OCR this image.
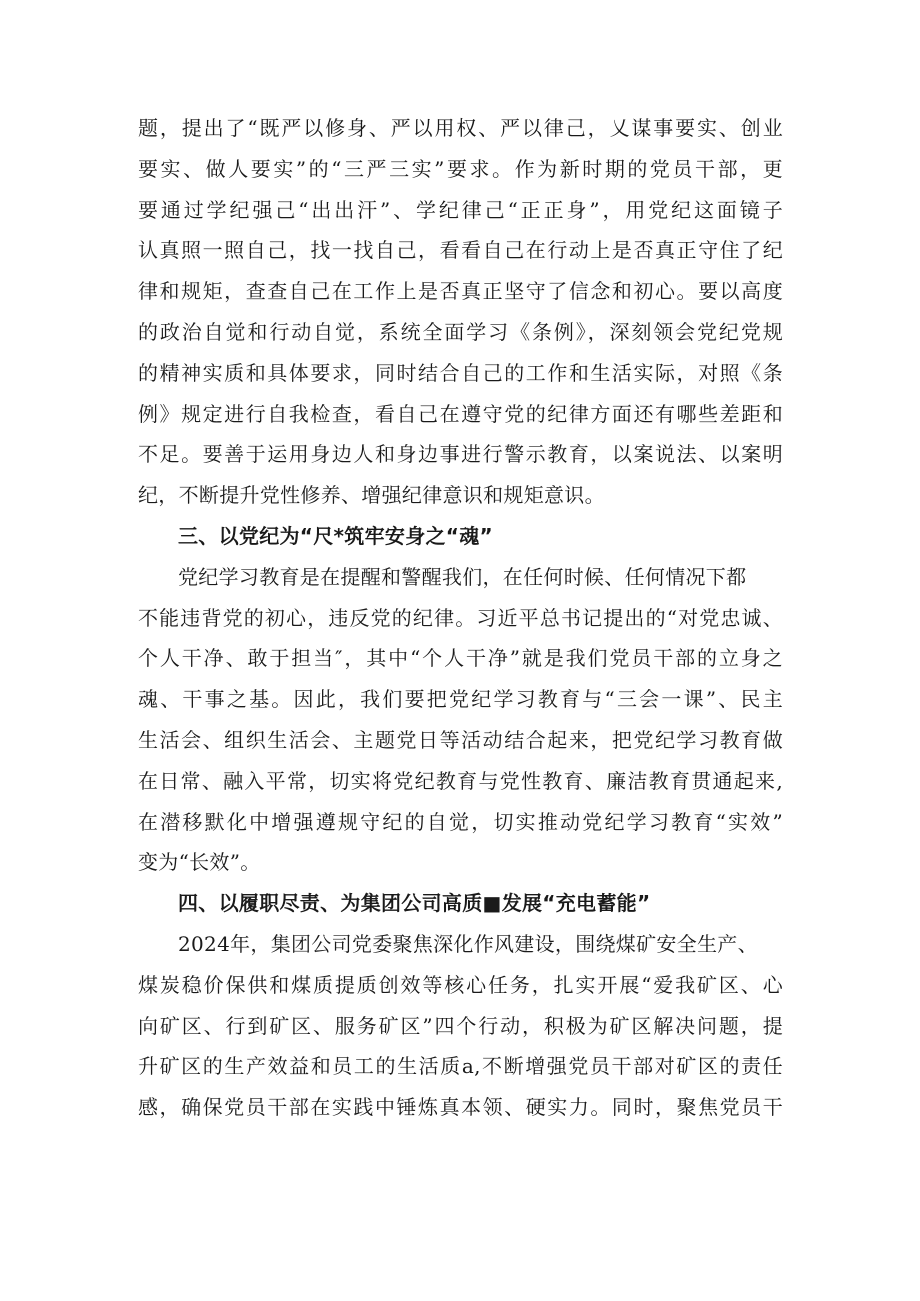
题，提出了“既严以修身、严以用权、严以律己，乂谋事要实、创业
要实、做人要实”的“三严三实”要求。作为新时期的党员干部，更
要通过学纪强己“出出汗”、学纪律己“正正身”，用党纪这面镜子
认真照一照自己，找一找自己，看看自己在行动上是否真正守住了纪
律和规矩，查查自己在工作上是否真正坚守了信念和初心。要以高度
的政治自觉和行动自觉，系统全面学习《条例》，深刻领会党纪党规
的精神实质和具体要求，同时结合自己的工作和生活实际，对照《条
例》规定进行自我检查，看自己在遵守党的纪律方面还有哪些差距和
不足。要善于运用身边人和身边事进行警示教育，以案说法、以案明
纪，不断提升党性修养、增强纪律意识和规矩意识。
三、以党纪为“尺*筑牢安身之“魂”
党纪学习教育是在提醒和警醒我们，在任何时候、任何情况下都
不能违背党的初心，违反党的纪律。习近平总书记提出的“对党忠诚、
个人干净、敢于担当″，其中“个人干净”就是我们党员干部的立身之
魂、干事之基。因此，我们要把党纪学习教育与“三会一课”、民主
生活会、组织生活会、主题党日等活动结合起来，把党纪学习教育做
在日常、融入平常，切实将党纪教育与党性教育、廉洁教育贯通起来,
在潜移默化中增强遵规守纪的自觉，切实推动党纪学习教育“实效”
变为“长效”。
四、以履职尽责、为集团公司高质■发展“充电蓄能”
2024年，集团公司党委聚焦深化作风建设，围绕煤矿安全生产、
煤炭稳价保供和煤质提质创效等核心任务，扎实开展“爱我矿区、心
向矿区、行到矿区、服务矿区”四个行动，积极为矿区解决问题，提
升矿区的生产效益和员工的生活质a,不断增强党员干部对矿区的责任
感，确保党员干部在实践中锤炼真本领、硬实力。同时，聚焦党员干
